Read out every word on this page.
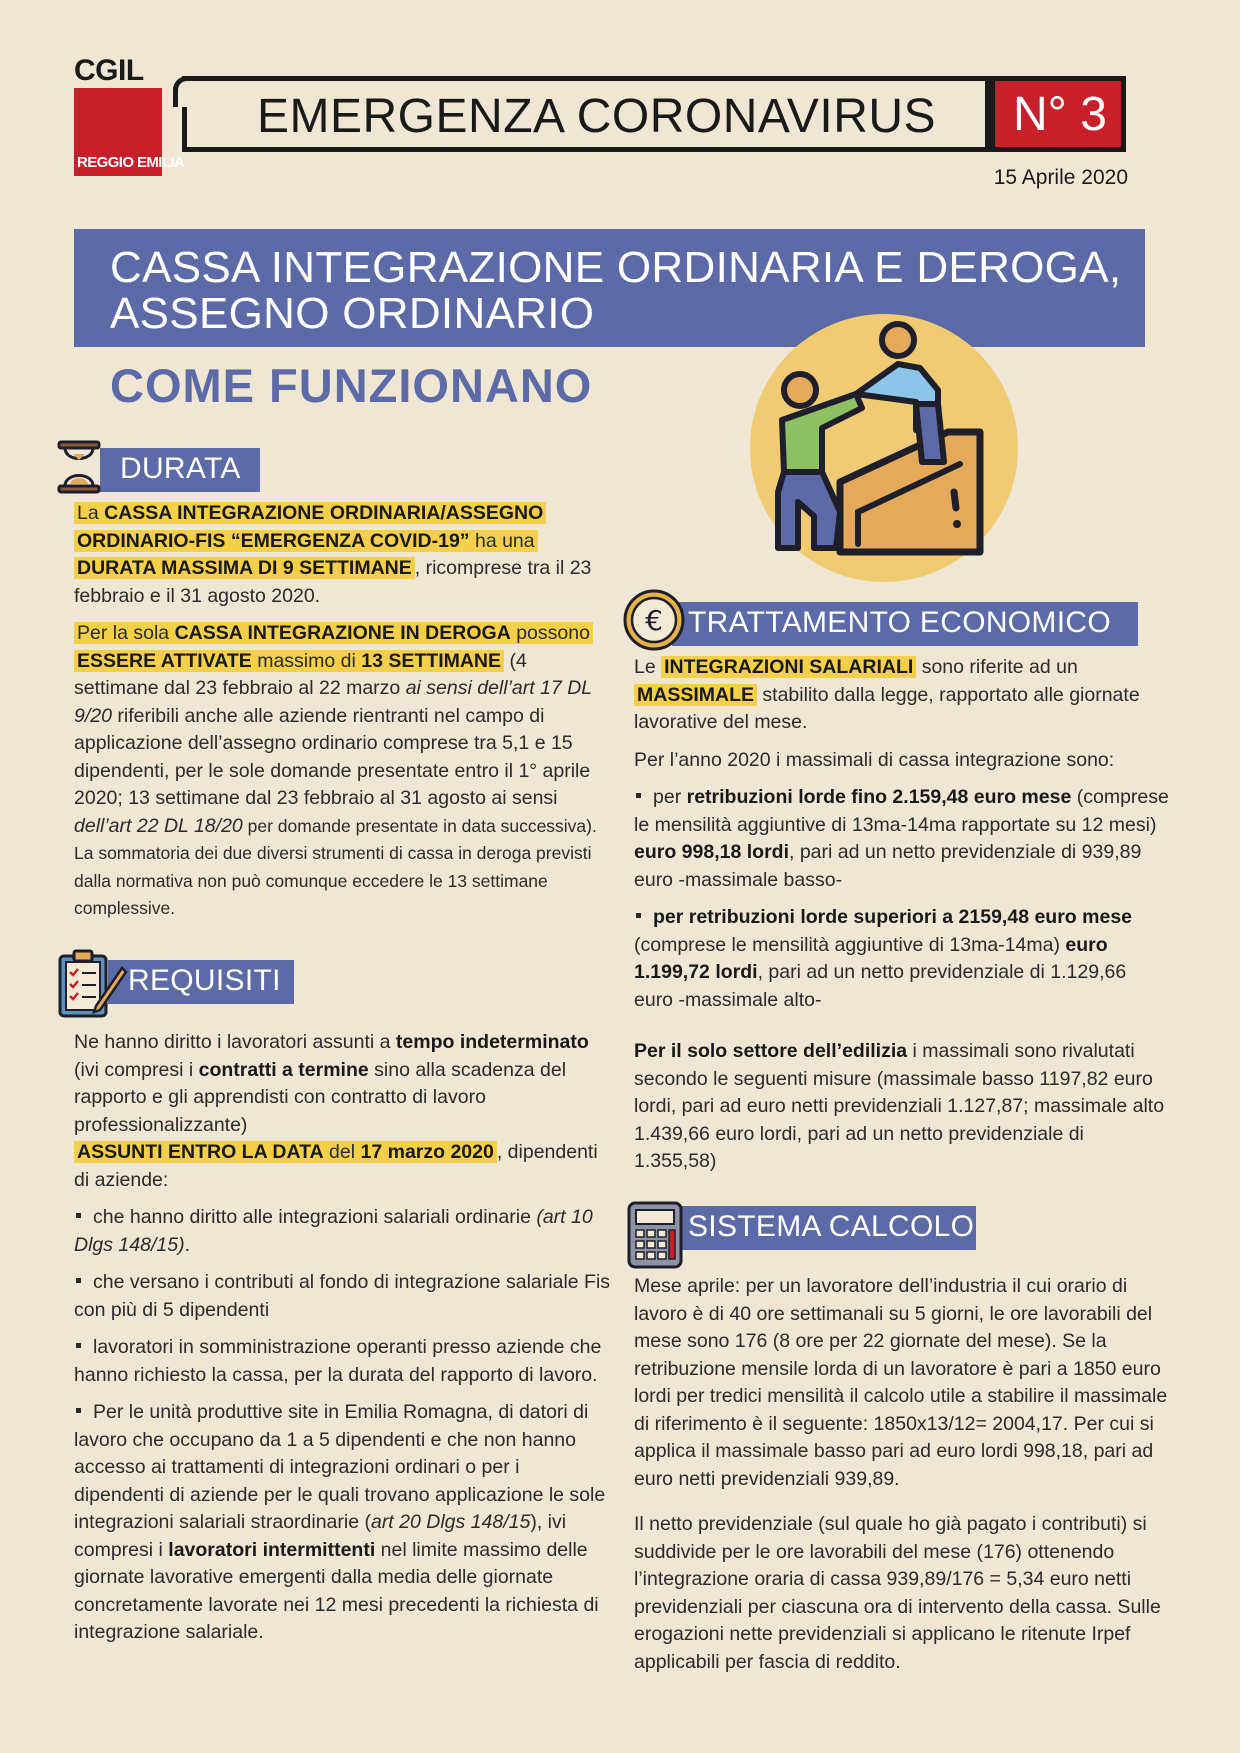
CGIL
REGGIO EMILIA
EMERGENZA CORONAVIRUS N° 3
15 Aprile 2020
CASSA INTEGRAZIONE ORDINARIA E DEROGA,
ASSEGNO ORDINARIO
COME FUNZIONANO
DURATA

La CASSA INTEGRAZIONE ORDINARIA/ASSEGNO ORDINARIO-FIS “EMERGENZA COVID-19” ha una DURATA MASSIMA DI 9 SETTIMANE , ricomprese tra il 23 febbraio e il 31 agosto 2020.

Per la sola CASSA INTEGRAZIONE IN DEROGA possono ESSERE ATTIVATE massimo di 13 SETTIMANE (4 settimane dal 23 febbraio al 22 marzo ai sensi dell’art 17 DL 9/20 riferibili anche alle aziende rientranti nel campo di applicazione dell’assegno ordinario comprese tra 5,1 e 15 dipendenti, per le sole domande presentate entro il 1° aprile 2020; 13 settimane dal 23 febbraio al 31 agosto ai sensi dell’art 22 DL 18/20 per domande presentate in data successiva). La sommatoria dei due diversi strumenti di cassa in deroga previsti dalla normativa non può comunque eccedere le 13 settimane complessive.

REQUISITI

Ne hanno diritto i lavoratori assunti a tempo indeterminato (ivi compresi i contratti a termine sino alla scadenza del rapporto e gli apprendisti con contratto di lavoro professionalizzante)
ASSUNTI ENTRO LA DATA del 17 marzo 2020 , dipendenti di aziende:

che hanno diritto alle integrazioni salariali ordinarie (art 10 Dlgs 148/15).

che versano i contributi al fondo di integrazione salariale Fis con più di 5 dipendenti

lavoratori in somministrazione operanti presso aziende che hanno richiesto la cassa, per la durata del rapporto di lavoro.

Per le unità produttive site in Emilia Romagna, di datori di lavoro che occupano da 1 a 5 dipendenti e che non hanno accesso ai trattamenti di integrazioni ordinari o per i dipendenti di aziende per le quali trovano applicazione le sole integrazioni salariali straordinarie (art 20 Dlgs 148/15), ivi compresi i lavoratori intermittenti nel limite massimo delle giornate lavorative emergenti dalla media delle giornate concretamente lavorate nei 12 mesi precedenti la richiesta di integrazione salariale.

TRATTAMENTO ECONOMICO
€

Le INTEGRAZIONI SALARIALI sono riferite ad un MASSIMALE stabilito dalla legge, rapportato alle giornate lavorative del mese.

Per l’anno 2020 i massimali di cassa integrazione sono:

per retribuzioni lorde fino 2.159,48 euro mese (comprese le mensilità aggiuntive di 13ma-14ma rapportate su 12 mesi) euro 998,18 lordi, pari ad un netto previdenziale di 939,89 euro -massimale basso-

per retribuzioni lorde superiori a 2159,48 euro mese (comprese le mensilità aggiuntive di 13ma-14ma) euro 1.199,72 lordi, pari ad un netto previdenziale di 1.129,66 euro -massimale alto-

Per il solo settore dell’edilizia i massimali sono rivalutati secondo le seguenti misure (massimale basso 1197,82 euro lordi, pari ad euro netti previdenziali 1.127,87; massimale alto 1.439,66 euro lordi, pari ad un netto previdenziale di 1.355,58)

SISTEMA CALCOLO

Mese aprile: per un lavoratore dell’industria il cui orario di lavoro è di 40 ore settimanali su 5 giorni, le ore lavorabili del mese sono 176 (8 ore per 22 giornate del mese). Se la retribuzione mensile lorda di un lavoratore è pari a 1850 euro lordi per tredici mensilità il calcolo utile a stabilire il massimale di riferimento è il seguente: 1850x13/12= 2004,17. Per cui si applica il massimale basso pari ad euro lordi 998,18, pari ad euro netti previdenziali 939,89.

Il netto previdenziale (sul quale ho già pagato i contributi) si suddivide per le ore lavorabili del mese (176) ottenendo l’integrazione oraria di cassa 939,89/176 = 5,34 euro netti previdenziali per ciascuna ora di intervento della cassa. Sulle erogazioni nette previdenziali si applicano le ritenute Irpef applicabili per fascia di reddito.
